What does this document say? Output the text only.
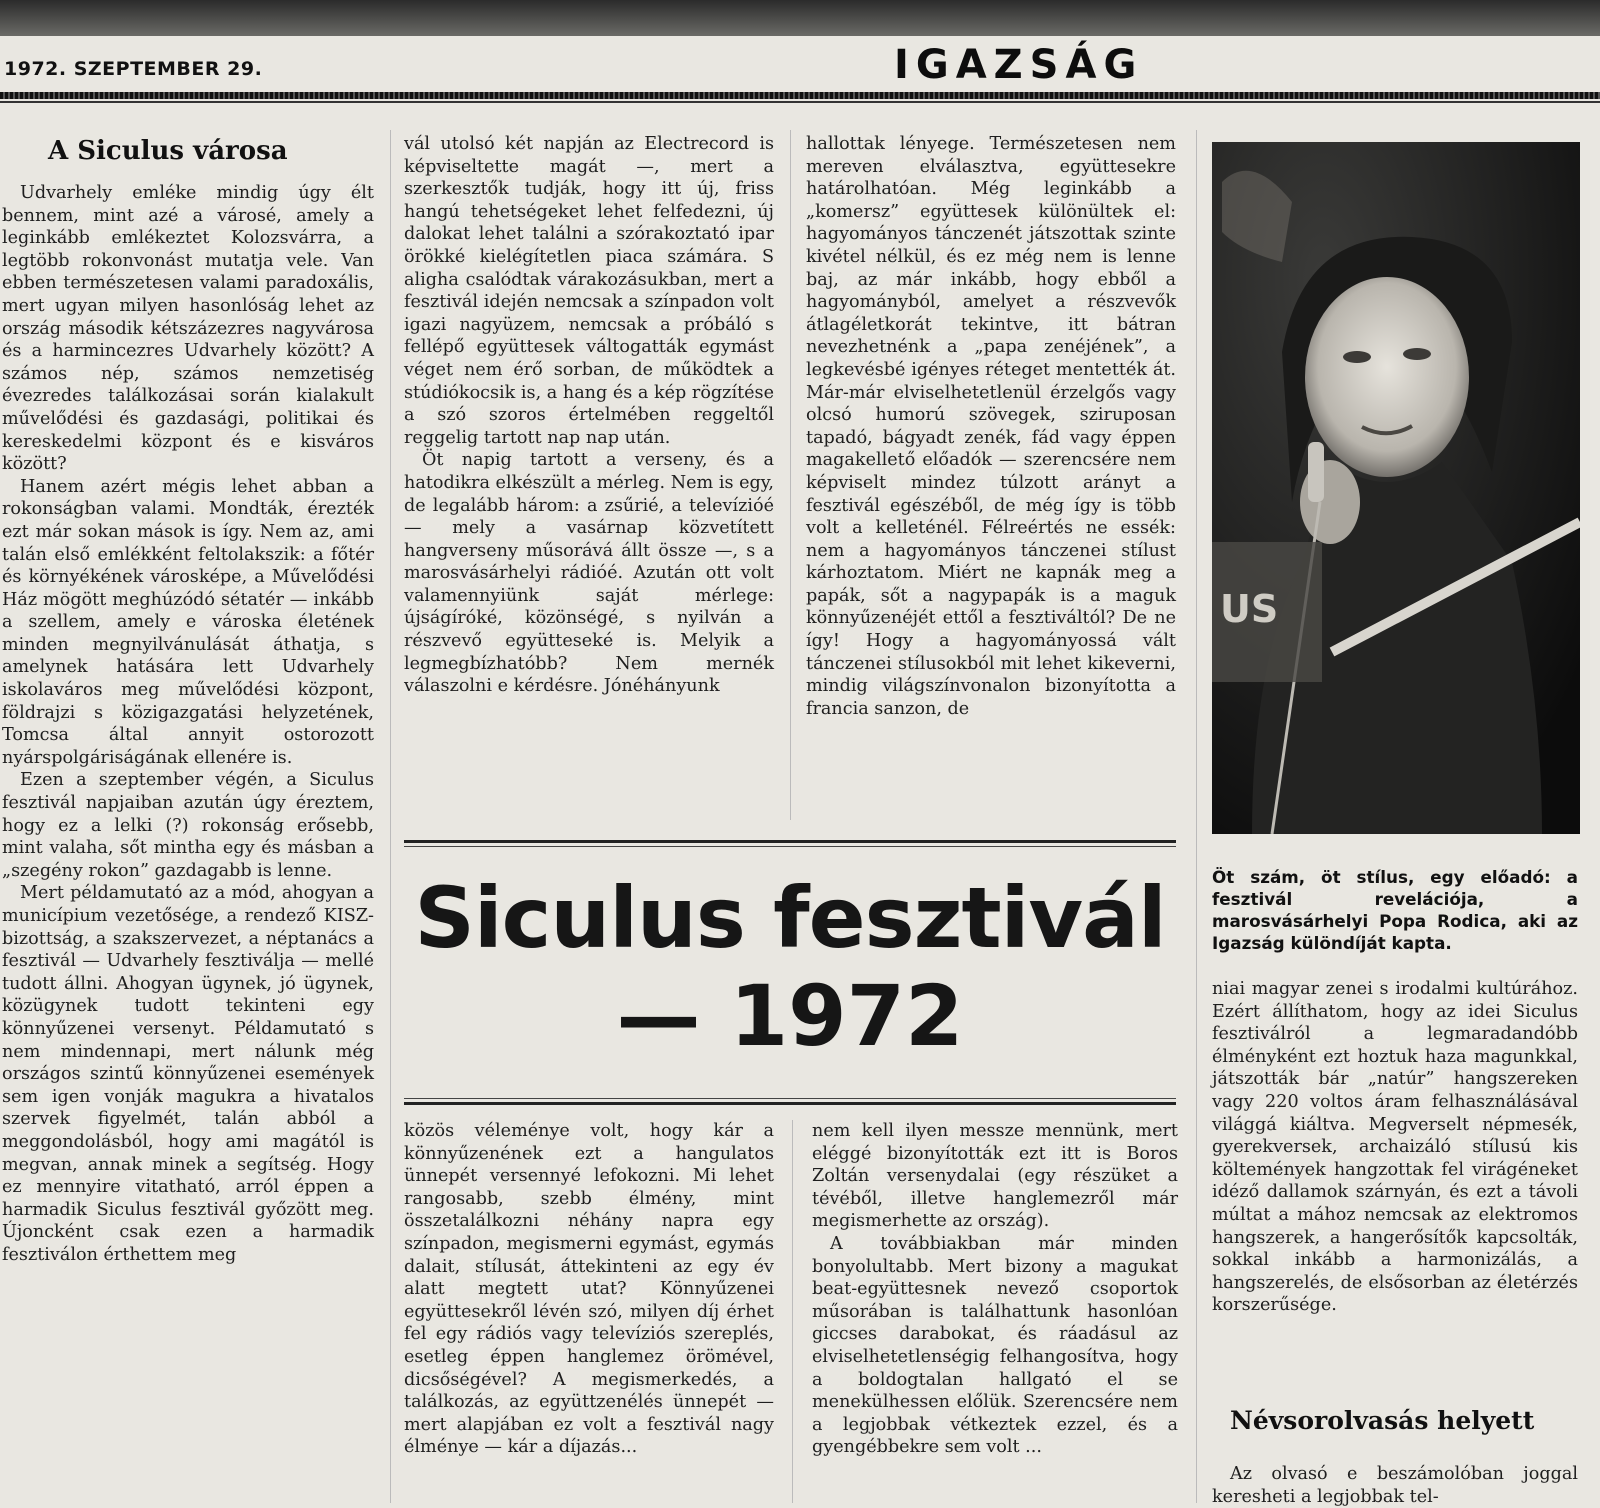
1972. SZEPTEMBER 29.	IGAZSÁG
A Siculus városa

Udvarhely emléke mindig úgy élt bennem, mint azé a városé, amely a leginkább emlékeztet Kolozsvárra, a legtöbb rokonvonást mutatja vele. Van ebben természetesen valami paradoxális, mert ugyan milyen hasonlóság lehet az ország második kétszázezres nagyvárosa és a harmincezres Udvarhely között? A számos nép, számos nemzetiség évezredes találkozásai során kialakult művelődési és gazdasági, politikai és kereskedelmi központ és e kisváros között?

Hanem azért mégis lehet abban a rokonságban valami. Mondták, érezték ezt már sokan mások is így. Nem az, ami talán első emlékként feltolakszik: a főtér és környékének városképe, a Művelődési Ház mögött meghúzódó sétatér — inkább a szellem, amely e városka életének minden megnyilvánulását áthatja, s amelynek hatására lett Udvarhely iskolaváros meg művelődési központ, földrajzi s közigazgatási helyzetének, Tomcsa által annyit ostorozott nyárspolgáriságának ellenére is.

Ezen a szeptember végén, a Siculus fesztivál napjaiban azután úgy éreztem, hogy ez a lelki (?) rokonság erősebb, mint valaha, sőt mintha egy és másban a „szegény rokon” gazdagabb is lenne.

Mert példamutató az a mód, ahogyan a municípium vezetősége, a rendező KISZ-bizottság, a szakszervezet, a néptanács a fesztivál — Udvarhely fesztiválja — mellé tudott állni. Ahogyan ügynek, jó ügynek, közügynek tudott tekinteni egy könnyűzenei versenyt. Példamutató s nem mindennapi, mert nálunk még országos szintű könnyűzenei események sem igen vonják magukra a hivatalos szervek figyelmét, talán abból a meggondolásból, hogy ami magától is megvan, annak minek a segítség. Hogy ez mennyire vitatható, arról éppen a harmadik Siculus fesztivál győzött meg. Újoncként csak ezen a harmadik fesztiválon érthettem meg

vál utolsó két napján az Electrecord is képviseltette magát —, mert a szerkesztők tudják, hogy itt új, friss hangú tehetségeket lehet felfedezni, új dalokat lehet találni a szórakoztató ipar örökké kielégítetlen piaca számára. S aligha csalódtak várakozásukban, mert a fesztivál idején nemcsak a színpadon volt igazi nagyüzem, nemcsak a próbáló s fellépő együttesek váltogatták egymást véget nem érő sorban, de működtek a stúdiókocsik is, a hang és a kép rögzítése a szó szoros értelmében reggeltől reggelig tartott nap nap után.

Öt napig tartott a verseny, és a hatodikra elkészült a mérleg. Nem is egy, de legalább három: a zsűrié, a televízióé — mely a vasárnap közvetített hangverseny műsorává állt össze —, s a marosvásárhelyi rádióé. Azután ott volt valamennyiünk saját mérlege: újságíróké, közönségé, s nyilván a részvevő együtteseké is. Melyik a legmegbízhatóbb? Nem mernék válaszolni e kérdésre. Jónéhányunk

hallottak lényege. Természetesen nem mereven elválasztva, együttesekre határolhatóan. Még leginkább a „komersz” együttesek különültek el: hagyományos tánczenét játszottak szinte kivétel nélkül, és ez még nem is lenne baj, az már inkább, hogy ebből a hagyományból, amelyet a részvevők átlagéletkorát tekintve, itt bátran nevezhetnénk a „papa zenéjének”, a legkevésbé igényes réteget mentették át. Már-már elviselhetetlenül érzelgős vagy olcsó humorú szövegek, sziruposan tapadó, bágyadt zenék, fád vagy éppen magakellető előadók — szerencsére nem képviselt mindez túlzott arányt a fesztivál egészéből, de még így is több volt a kelleténél. Félreértés ne essék: nem a hagyományos tánczenei stílust kárhoztatom. Miért ne kapnák meg a papák, sőt a nagypapák is a maguk könnyűzenéjét ettől a fesztiváltól? De ne így! Hogy a hagyományossá vált tánczenei stílusokból mit lehet kikeverni, mindig világszínvonalon bizonyította a francia sanzon, de

US
Öt szám, öt stílus, egy előadó: a fesztivál revelációja, a marosvásárhelyi Popa Rodica, aki az Igazság különdíját kapta.
Siculus fesztivál
— 1972	niai magyar zenei s irodalmi kultúrához. Ezért állíthatom, hogy az idei Siculus fesztiválról a legmaradandóbb élményként ezt hoztuk haza magunkkal, játszották bár „natúr” hangszereken vagy 220 voltos áram felhasználásával világgá kiáltva. Megverselt népmesék, gyerekversek, archaizáló stílusú kis költemények hangzottak fel virágéneket idéző dallamok szárnyán, és ezt a távoli múltat a mához nemcsak az elektromos hangszerek, a hangerősítők kapcsolták, sokkal inkább a harmonizálás, a hangszerelés, de elsősorban az életérzés korszerűsége.

közös véleménye volt, hogy kár a könnyűzenének ezt a hangulatos ünnepét versennyé lefokozni. Mi lehet rangosabb, szebb élmény, mint összetalálkozni néhány napra egy színpadon, megismerni egymást, egymás dalait, stílusát, áttekinteni az egy év alatt megtett utat? Könnyűzenei együttesekről lévén szó, milyen díj érhet fel egy rádiós vagy televíziós szereplés, esetleg éppen hanglemez örömével, dicsőségével? A megismerkedés, a találkozás, az együttzenélés ünnepét — mert alapjában ez volt a fesztivál nagy élménye — kár a díjazás...

nem kell ilyen messze mennünk, mert eléggé bizonyították ezt itt is Boros Zoltán versenydalai (egy részüket a tévéből, illetve hanglemezről már megismerhette az ország).

A továbbiakban már minden bonyolultabb. Mert bizony a magukat beat-együttesnek nevező csoportok műsorában is találhattunk hasonlóan giccses darabokat, és ráadásul az elviselhetetlenségig felhangosítva, hogy a boldogtalan hallgató el se menekülhessen előlük. Szerencsére nem a legjobbak vétkeztek ezzel, és a gyengébbekre sem volt ...

Névsorolvasás helyett

Az olvasó e beszámolóban joggal keresheti a legjobbak tel-
